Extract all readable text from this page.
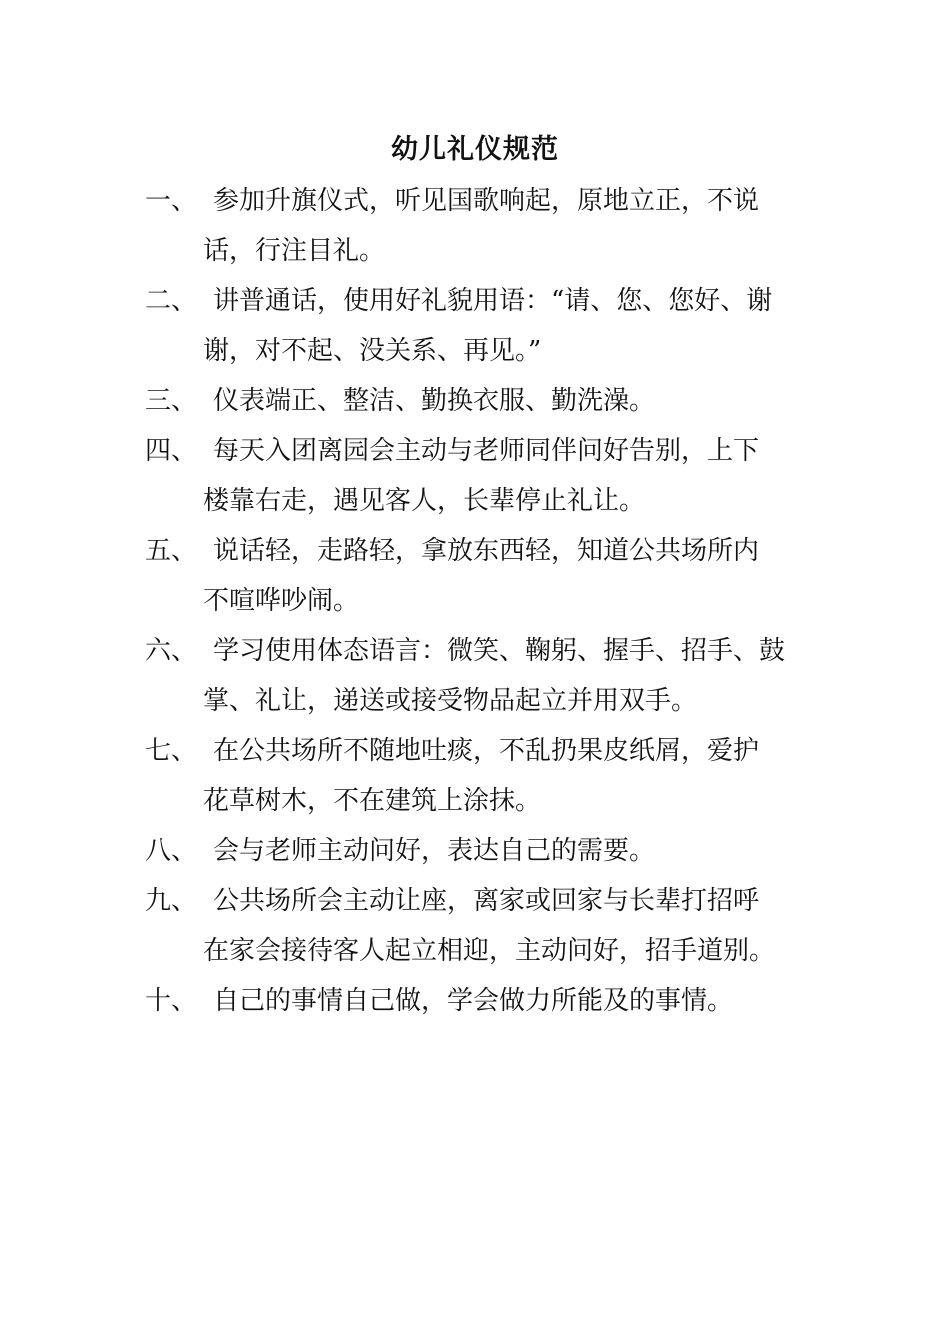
幼儿礼仪规范
一、 参加升旗仪式，听见国歌响起，原地立正，不说
话，行注目礼。
二、 讲普通话，使用好礼貌用语：“请、您、您好、谢
谢，对不起、没关系、再见。”
三、 仪表端正、整洁、勤换衣服、勤洗澡。
四、 每天入团离园会主动与老师同伴问好告别，上下
楼靠右走，遇见客人，长辈停止礼让。
五、 说话轻，走路轻，拿放东西轻，知道公共场所内
不喧哗吵闹。
六、 学习使用体态语言：微笑、鞠躬、握手、招手、鼓
掌、礼让，递送或接受物品起立并用双手。
七、 在公共场所不随地吐痰，不乱扔果皮纸屑，爱护
花草树木，不在建筑上涂抹。
八、 会与老师主动问好，表达自己的需要。
九、 公共场所会主动让座，离家或回家与长辈打招呼
在家会接待客人起立相迎，主动问好，招手道别。
十、 自己的事情自己做，学会做力所能及的事情。
